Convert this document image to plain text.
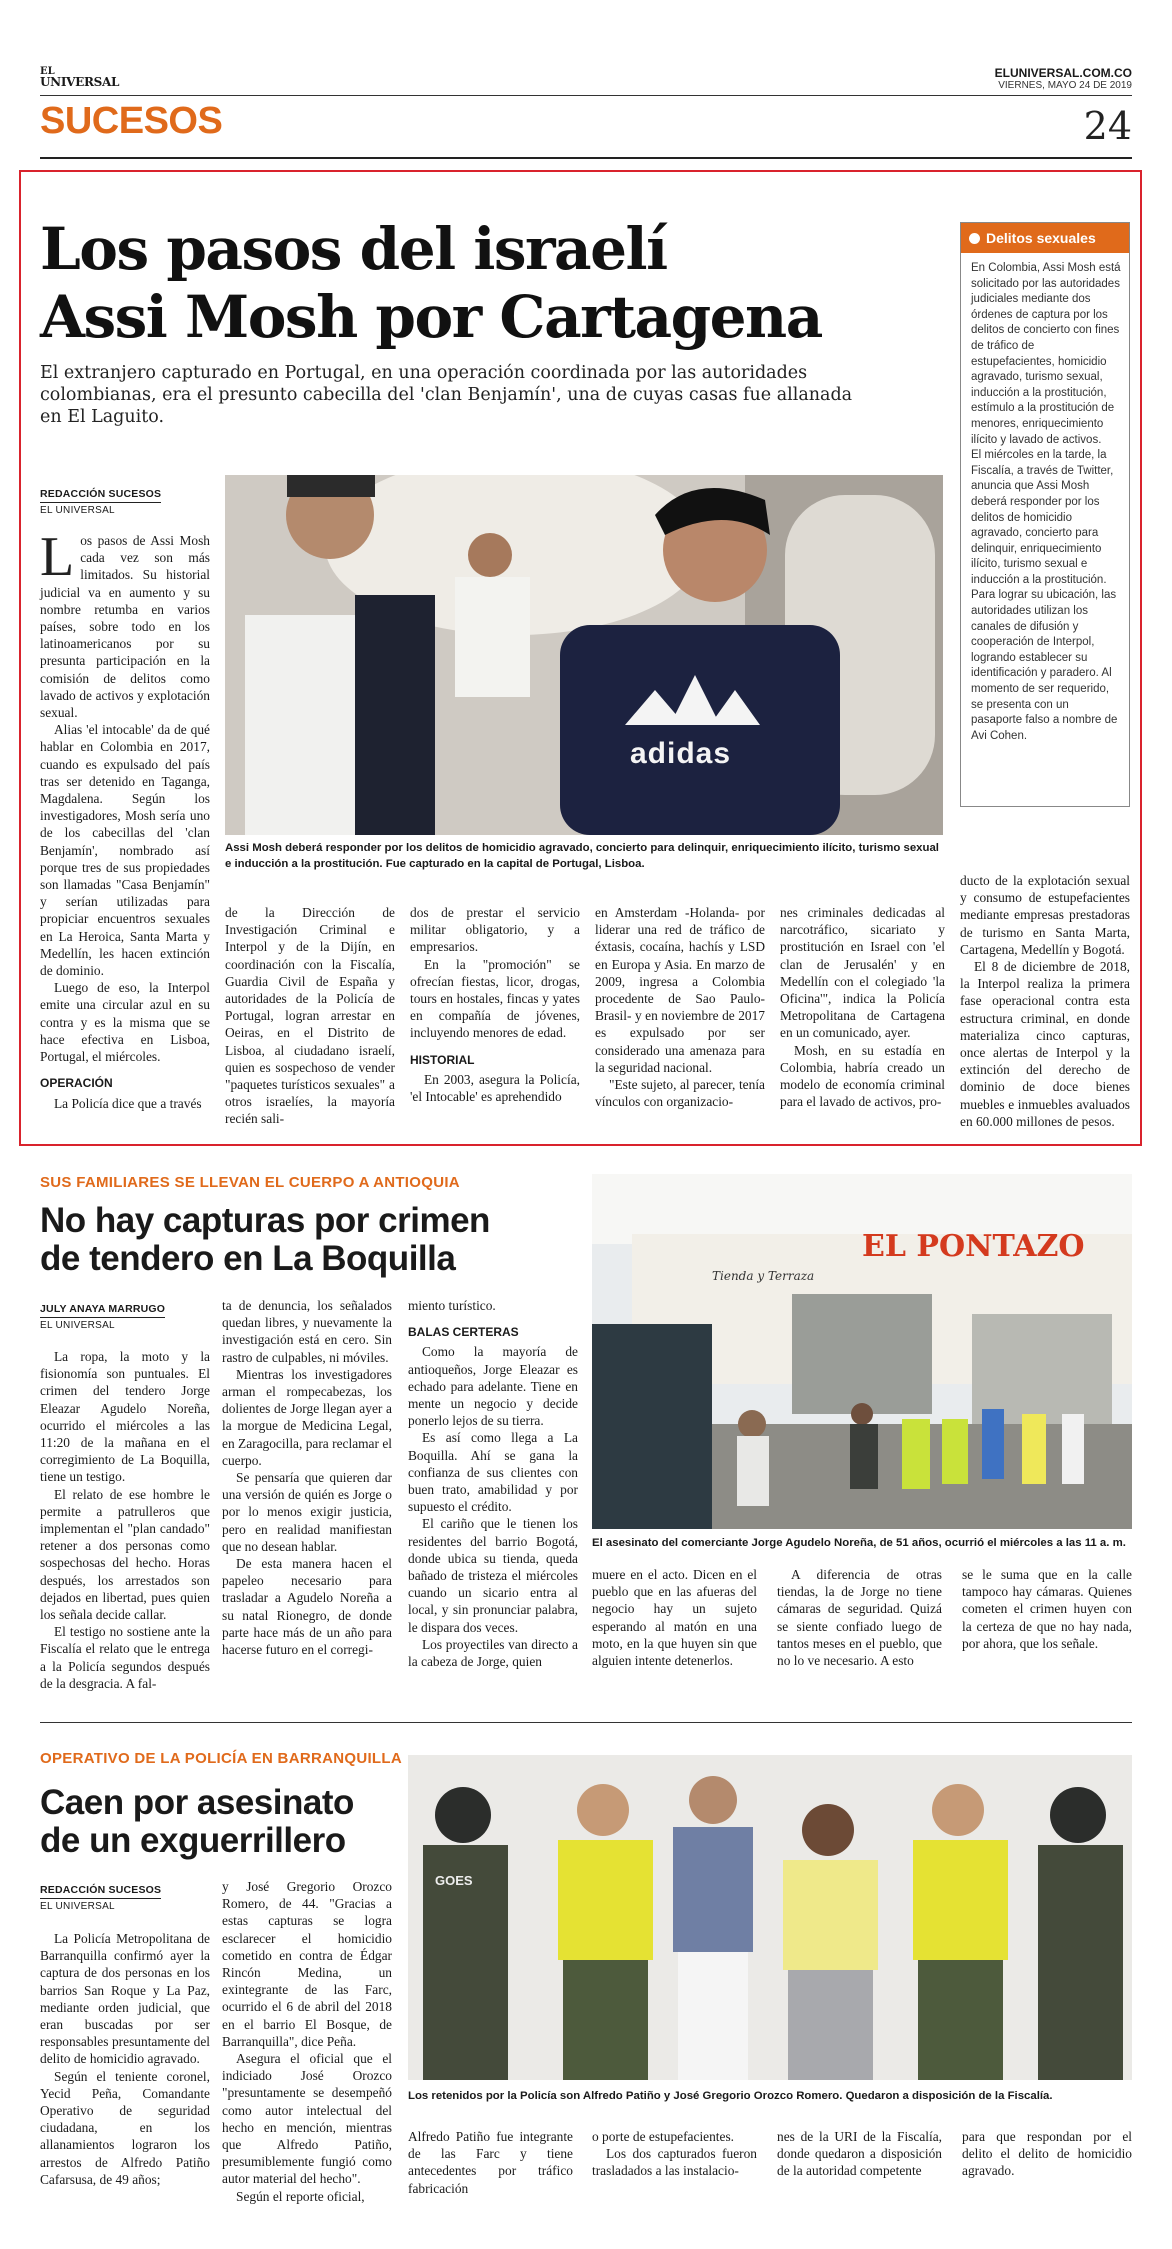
EL
UNIVERSAL
ELUNIVERSAL.COM.CO
VIERNES, MAYO 24 DE 2019
SUCESOS	24
Los pasos del israelí
Assi Mosh por Cartagena
El extranjero capturado en Portugal, en una operación coordinada por las autoridades colombianas, era el presunto cabecilla del 'clan Benjamín', una de cuyas casas fue allanada en El Laguito.
Delitos sexuales

En Colombia, Assi Mosh está solicitado por las autoridades judiciales mediante dos órdenes de captura por los delitos de concierto con fines de tráfico de estupefacientes, homicidio agravado, turismo sexual, inducción a la prostitución, estímulo a la prostitución de menores, enriquecimiento ilícito y lavado de activos.

El miércoles en la tarde, la Fiscalía, a través de Twitter, anuncia que Assi Mosh deberá responder por los delitos de homicidio agravado, concierto para delinquir, enriquecimiento ilícito, turismo sexual e inducción a la prostitución.

Para lograr su ubicación, las autoridades utilizan los canales de difusión y cooperación de Interpol, logrando establecer su identificación y paradero. Al momento de ser requerido, se presenta con un pasaporte falso a nombre de Avi Cohen.

REDACCIÓN SUCESOS
EL UNIVERSAL
adidas
Assi Mosh deberá responder por los delitos de homicidio agravado, concierto para delinquir, enriquecimiento ilícito, turismo sexual e inducción a la prostitución. Fue capturado en la capital de Portugal, Lisboa.

Los pasos de Assi Mosh cada vez son más limitados. Su historial judicial va en aumento y su nombre retumba en varios países, sobre todo en los latinoamericanos por su presunta participación en la comisión de delitos como lavado de activos y explotación sexual.

Alias 'el intocable' da de qué hablar en Colombia en 2017, cuando es expulsado del país tras ser detenido en Taganga, Magdalena. Según los investigadores, Mosh sería uno de los cabecillas del 'clan Benjamín', nombrado así porque tres de sus propiedades son llamadas "Casa Benjamín" y serían utilizadas para propiciar encuentros sexuales en La Heroica, Santa Marta y Medellín, les hacen extinción de dominio.

Luego de eso, la Interpol emite una circular azul en su contra y es la misma que se hace efectiva en Lisboa, Portugal, el miércoles.

OPERACIÓN

La Policía dice que a través

de la Dirección de Investigación Criminal e Interpol y de la Dijín, en coordinación con la Fiscalía, Guardia Civil de España y autoridades de la Policía de Portugal, logran arrestar en Oeiras, en el Distrito de Lisboa, al ciudadano israelí, quien es sospechoso de vender "paquetes turísticos sexuales" a otros israelíes, la mayoría recién sali-

dos de prestar el servicio militar obligatorio, y a empresarios.

En la "promoción" se ofrecían fiestas, licor, drogas, tours en hostales, fincas y yates en compañía de jóvenes, incluyendo menores de edad.

HISTORIAL

En 2003, asegura la Policía, 'el Intocable' es aprehendido

en Amsterdam -Holanda- por liderar una red de tráfico de éxtasis, cocaína, hachís y LSD en Europa y Asia. En marzo de 2009, ingresa a Colombia procedente de Sao Paulo-Brasil- y en noviembre de 2017 es expulsado por ser considerado una amenaza para la seguridad nacional.

"Este sujeto, al parecer, tenía vínculos con organizacio-

nes criminales dedicadas al narcotráfico, sicariato y prostitución en Israel con 'el clan de Jerusalén' y en Medellín con el colegiado 'la Oficina'", indica la Policía Metropolitana de Cartagena en un comunicado, ayer.

Mosh, en su estadía en Colombia, habría creado un modelo de economía criminal para el lavado de activos, pro-

ducto de la explotación sexual y consumo de estupefacientes mediante empresas prestadoras de turismo en Santa Marta, Cartagena, Medellín y Bogotá.

El 8 de diciembre de 2018, la Interpol realiza la primera fase operacional contra esta estructura criminal, en donde materializa cinco capturas, once alertas de Interpol y la extinción del derecho de dominio de doce bienes muebles e inmuebles avaluados en 60.000 millones de pesos.

SUS FAMILIARES SE LLEVAN EL CUERPO A ANTIOQUIA
No hay capturas por crimen
de tendero en La Boquilla
JULY ANAYA MARRUGO
EL UNIVERSAL
EL PONTAZO
Tienda y Terraza
El asesinato del comerciante Jorge Agudelo Noreña, de 51 años, ocurrió el miércoles a las 11 a. m.

La ropa, la moto y la fisionomía son puntuales. El crimen del tendero Jorge Eleazar Agudelo Noreña, ocurrido el miércoles a las 11:20 de la mañana en el corregimiento de La Boquilla, tiene un testigo.

El relato de ese hombre le permite a patrulleros que implementan el "plan candado" retener a dos personas como sospechosas del hecho. Horas después, los arrestados son dejados en libertad, pues quien los señala decide callar.

El testigo no sostiene ante la Fiscalía el relato que le entrega a la Policía segundos después de la desgracia. A fal-

ta de denuncia, los señalados quedan libres, y nuevamente la investigación está en cero. Sin rastro de culpables, ni móviles.

Mientras los investigadores arman el rompecabezas, los dolientes de Jorge llegan ayer a la morgue de Medicina Legal, en Zaragocilla, para reclamar el cuerpo.

Se pensaría que quieren dar una versión de quién es Jorge o por lo menos exigir justicia, pero en realidad manifiestan que no desean hablar.

De esta manera hacen el papeleo necesario para trasladar a Agudelo Noreña a su natal Rionegro, de donde parte hace más de un año para hacerse futuro en el corregi-

miento turístico.

BALAS CERTERAS

Como la mayoría de antioqueños, Jorge Eleazar es echado para adelante. Tiene en mente un negocio y decide ponerlo lejos de su tierra.

Es así como llega a La Boquilla. Ahí se gana la confianza de sus clientes con buen trato, amabilidad y por supuesto el crédito.

El cariño que le tienen los residentes del barrio Bogotá, donde ubica su tienda, queda bañado de tristeza el miércoles cuando un sicario entra al local, y sin pronunciar palabra, le dispara dos veces.

Los proyectiles van directo a la cabeza de Jorge, quien

muere en el acto. Dicen en el pueblo que en las afueras del negocio hay un sujeto esperando al matón en una moto, en la que huyen sin que alguien intente detenerlos.

A diferencia de otras tiendas, la de Jorge no tiene cámaras de seguridad. Quizá se siente confiado luego de tantos meses en el pueblo, que no lo ve necesario. A esto

se le suma que en la calle tampoco hay cámaras. Quienes cometen el crimen huyen con la certeza de que no hay nada, por ahora, que los señale.

OPERATIVO DE LA POLICÍA EN BARRANQUILLA
Caen por asesinato
de un exguerrillero
REDACCIÓN SUCESOS
EL UNIVERSAL
GOES
Los retenidos por la Policía son Alfredo Patiño y José Gregorio Orozco Romero. Quedaron a disposición de la Fiscalía.

La Policía Metropolitana de Barranquilla confirmó ayer la captura de dos personas en los barrios San Roque y La Paz, mediante orden judicial, que eran buscadas por ser responsables presuntamente del delito de homicidio agravado.

Según el teniente coronel, Yecid Peña, Comandante Operativo de seguridad ciudadana, en los allanamientos lograron los arrestos de Alfredo Patiño Cafarsusa, de 49 años;

y José Gregorio Orozco Romero, de 44. "Gracias a estas capturas se logra esclarecer el homicidio cometido en contra de Édgar Rincón Medina, un exintegrante de las Farc, ocurrido el 6 de abril del 2018 en el barrio El Bosque, de Barranquilla", dice Peña.

Asegura el oficial que el indiciado José Orozco "presuntamente se desempeñó como autor intelectual del hecho en mención, mientras que Alfredo Patiño, presumiblemente fungió como autor material del hecho".

Según el reporte oficial,

Alfredo Patiño fue integrante de las Farc y tiene antecedentes por tráfico fabricación

o porte de estupefacientes.

Los dos capturados fueron trasladados a las instalacio-

nes de la URI de la Fiscalía, donde quedaron a disposición de la autoridad competente

para que respondan por el delito el delito de homicidio agravado.
